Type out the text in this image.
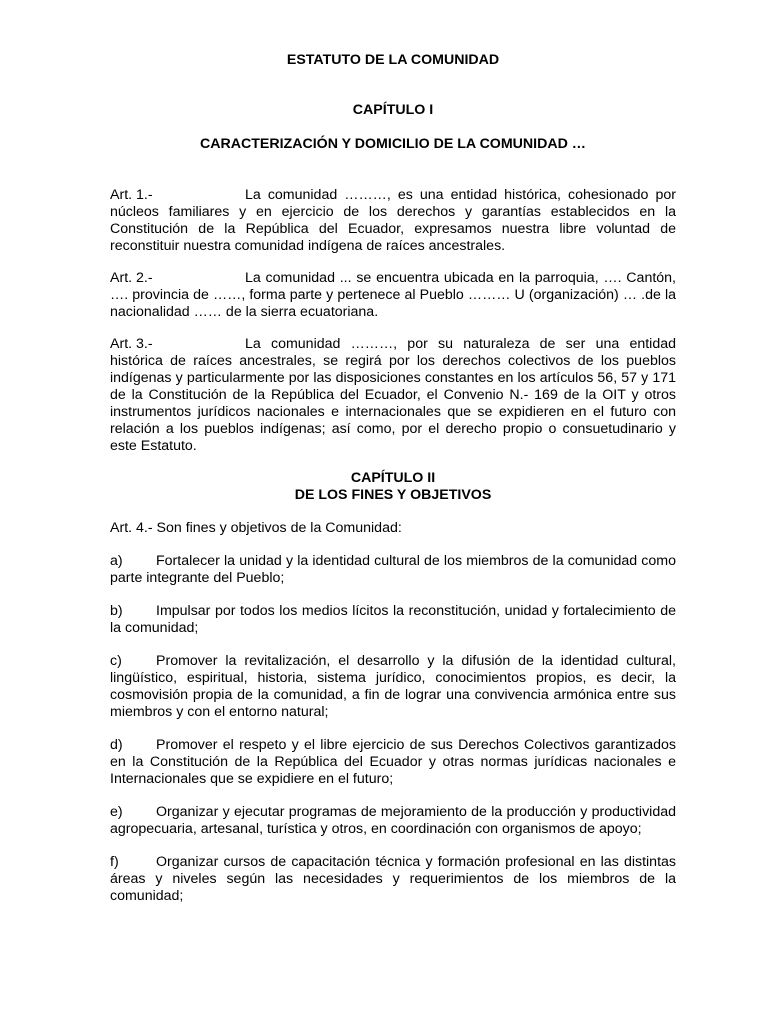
ESTATUTO DE LA COMUNIDAD

CAPÍTULO I

CARACTERIZACIÓN Y DOMICILIO DE LA COMUNIDAD …

Art. 1.-	La comunidad ………, es una entidad histórica, cohesionado por núcleos familiares y en ejercicio de los derechos y garantías establecidos en la Constitución de la República del Ecuador, expresamos nuestra libre voluntad de reconstituir nuestra comunidad indígena de raíces ancestrales.

Art. 2.-	La comunidad ... se encuentra ubicada en la parroquia, …. Cantón, …. provincia de ……, forma parte y pertenece al Pueblo ……… U (organización) … .de la nacionalidad …… de la sierra ecuatoriana.

Art. 3.-	La comunidad ………, por su naturaleza de ser una entidad histórica de raíces ancestrales, se regirá por los derechos colectivos de los pueblos indígenas y particularmente por las disposiciones constantes en los artículos 56, 57 y 171 de la Constitución de la República del Ecuador, el Convenio N.- 169 de la OIT y otros instrumentos jurídicos nacionales e internacionales que se expidieren en el futuro con relación a los pueblos indígenas; así como, por el derecho propio o consuetudinario y este Estatuto.

CAPÍTULO II

DE LOS FINES Y OBJETIVOS

Art. 4.- Son fines y objetivos de la Comunidad:

a) Fortalecer la unidad y la identidad cultural de los miembros de la comunidad como parte integrante del Pueblo;

b) Impulsar por todos los medios lícitos la reconstitución, unidad y fortalecimiento de la comunidad;

c) Promover la revitalización, el desarrollo y la difusión de la identidad cultural, lingüístico, espiritual, historia, sistema jurídico, conocimientos propios, es decir, la cosmovisión propia de la comunidad, a fin de lograr una convivencia armónica entre sus miembros y con el entorno natural;

d) Promover el respeto y el libre ejercicio de sus Derechos Colectivos garantizados en la Constitución de la República del Ecuador y otras normas jurídicas nacionales e Internacionales que se expidiere en el futuro;

e) Organizar y ejecutar programas de mejoramiento de la producción y productividad agropecuaria, artesanal, turística y otros, en coordinación con organismos de apoyo;

f)	Organizar cursos de capacitación técnica y formación profesional en las distintas áreas y niveles según las necesidades y requerimientos de los miembros de la comunidad;
